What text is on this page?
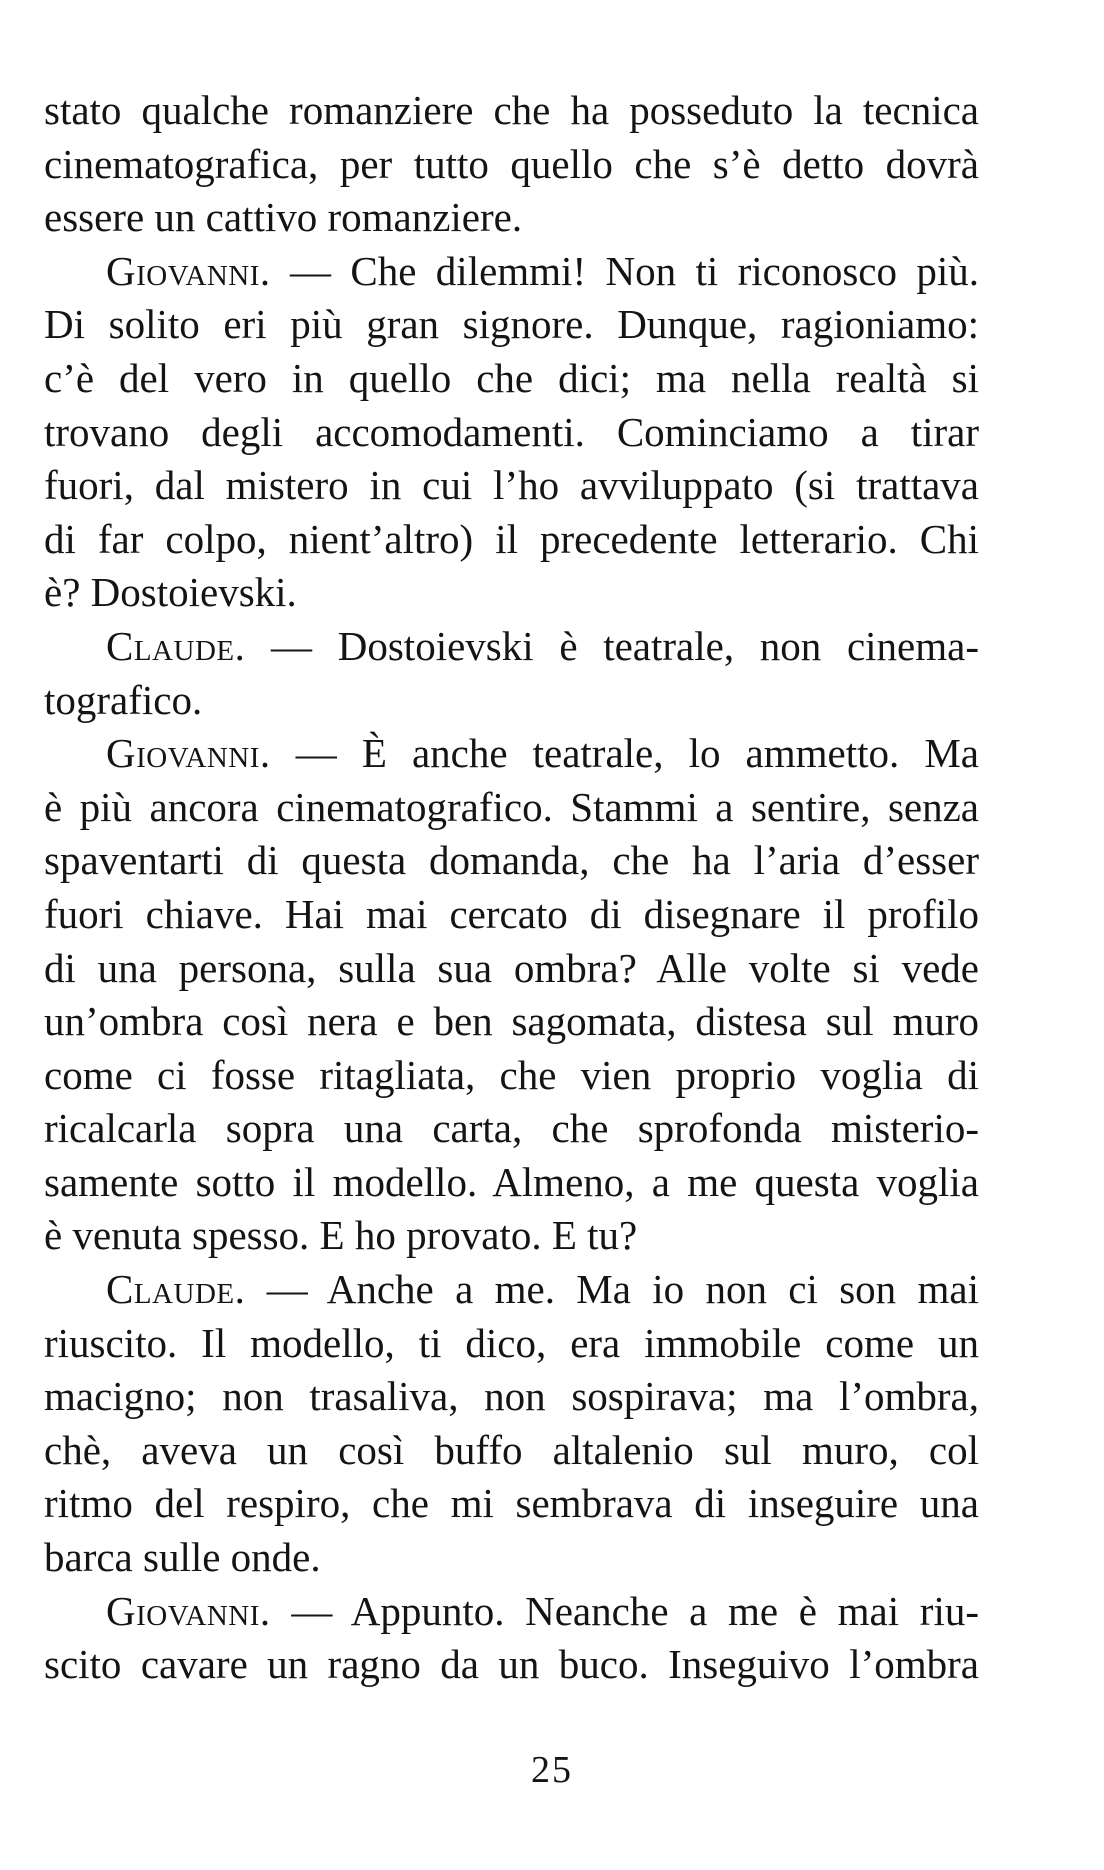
stato qualche romanziere che ha posseduto la tecnica

cinematografica, per tutto quello che s’è detto dovrà

essere un cattivo romanziere.

Giovanni. — Che dilemmi! Non ti riconosco più.

Di solito eri più gran signore. Dunque, ragioniamo:

c’è del vero in quello che dici; ma nella realtà si

trovano degli accomodamenti. Cominciamo a tirar

fuori, dal mistero in cui l’ho avviluppato (si trattava

di far colpo, nient’altro) il precedente letterario. Chi

è? Dostoievski.

Claude. — Dostoievski è teatrale, non cinema-

tografico.

Giovanni. — È anche teatrale, lo ammetto. Ma

è più ancora cinematografico. Stammi a sentire, senza

spaventarti di questa domanda, che ha l’aria d’esser

fuori chiave. Hai mai cercato di disegnare il profilo

di una persona, sulla sua ombra? Alle volte si vede

un’ombra così nera e ben sagomata, distesa sul muro

come ci fosse ritagliata, che vien proprio voglia di

ricalcarla sopra una carta, che sprofonda misterio-

samente sotto il modello. Almeno, a me questa voglia

è venuta spesso. E ho provato. E tu?

Claude. — Anche a me. Ma io non ci son mai

riuscito. Il modello, ti dico, era immobile come un

macigno; non trasaliva, non sospirava; ma l’ombra,

chè, aveva un così buffo altalenio sul muro, col

ritmo del respiro, che mi sembrava di inseguire una

barca sulle onde.

Giovanni. — Appunto. Neanche a me è mai riu-

scito cavare un ragno da un buco. Inseguivo l’ombra

25
